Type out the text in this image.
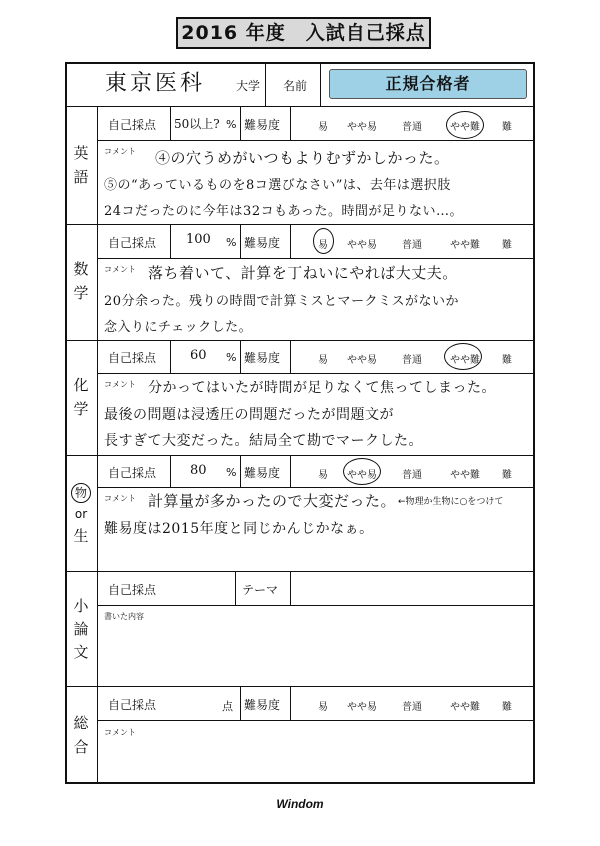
2016 年度　入試自己採点
東京医科	大学 名前	正規合格者
英
語
自己採点 50以上? % 難易度	易 やや易	普通	やや難 難
コメント ④の穴うめがいつもよりむずかしかった。
⑤の“あっているものを8コ選びなさい”は、去年は選択肢
24コだったのに今年は32コもあった。時間が足りない…。
数
学
自己採点 100 % 難易度	易 やや易	普通	やや難 難
コメント 落ち着いて、計算を丁ねいにやれば大丈夫。
20分余った。残りの時間で計算ミスとマークミスがないか
念入りにチェックした。
化
学
自己採点	60 % 難易度	易 やや易	普通	やや難 難
コメント 分かってはいたが時間が足りなくて焦ってしまった。
最後の問題は浸透圧の問題だったが問題文が
長すぎて大変だった。結局全て勘でマークした。
物
or
生
自己採点	80 % 難易度	易 やや易	普通	やや難 難
コメント 計算量が多かったので大変だった。 ←物理か生物に○をつけて
難易度は2015年度と同じかんじかなぁ。
小
論
文
自己採点	テーマ
書いた内容
総
合
自己採点	点 難易度	易 やや易	普通	やや難 難
コメント
Windom
